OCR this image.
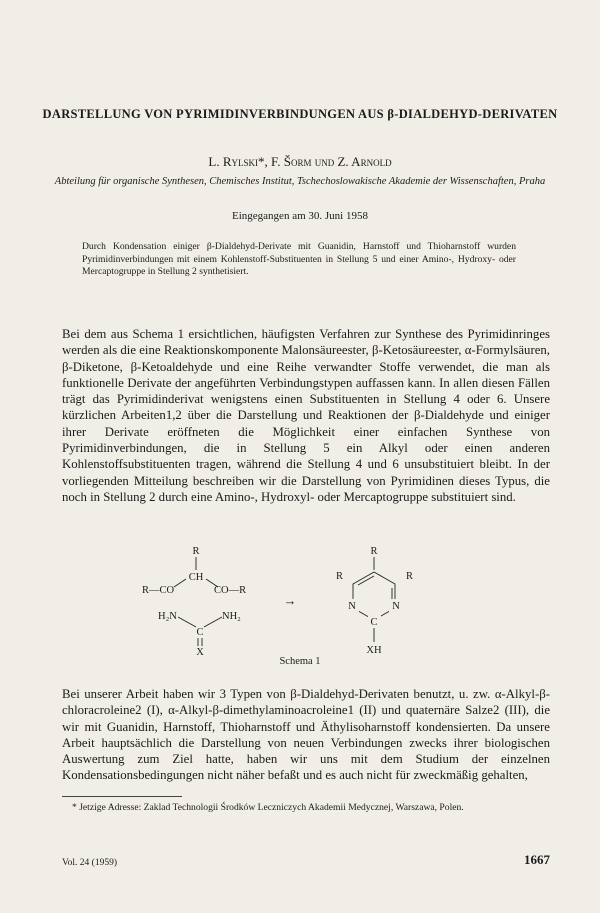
DARSTELLUNG VON PYRIMIDINVERBINDUNGEN AUS β-DIALDEHYD-DERIVATEN
L. Rylski*, F. Šorm und Z. Arnold
Abteilung für organische Synthesen, Chemisches Institut, Tschechoslowakische Akademie der Wissenschaften, Praha
Eingegangen am 30. Juni 1958

Durch Kondensation einiger β-Dialdehyd-Derivate mit Guanidin, Harnstoff und Thioharnstoff wurden Pyrimidinverbindungen mit einem Kohlenstoff-Substituenten in Stellung 5 und einer Amino-, Hydroxy- oder Mercaptogruppe in Stellung 2 synthetisiert.

Bei dem aus Schema 1 ersichtlichen, häufigsten Verfahren zur Synthese des Pyrimidinringes werden als die eine Reaktionskomponente Malonsäureester, β-Ketosäureester, α-Formylsäuren, β-Diketone, β-Ketoaldehyde und eine Reihe verwandter Stoffe verwendet, die man als funktionelle Derivate der angeführten Verbindungstypen auffassen kann. In allen diesen Fällen trägt das Pyrimidinderivat wenigstens einen Substituenten in Stellung 4 oder 6. Unsere kürzlichen Arbeiten1,2 über die Darstellung und Reaktionen der β-Dialdehyde und einiger ihrer Derivate eröffneten die Möglichkeit einer einfachen Synthese von Pyrimidinverbindungen, die in Stellung 5 ein Alkyl oder einen anderen Kohlenstoffsubstituenten tragen, während die Stellung 4 und 6 unsubstituiert bleibt. In der vorliegenden Mitteilung beschreiben wir die Darstellung von Pyrimidinen dieses Typus, die noch in Stellung 2 durch eine Amino-, Hydroxyl- oder Mercaptogruppe substituiert sind.

R
CH
R—CO	CO—R
H₂N	NH₂
C
X
→
R
R	R
N	N
C
XH
Schema 1

Bei unserer Arbeit haben wir 3 Typen von β-Dialdehyd-Derivaten benutzt, u. zw. α-Alkyl-β-chloracroleine2 (I), α-Alkyl-β-dimethylaminoacroleine1 (II) und quaternäre Salze2 (III), die wir mit Guanidin, Harnstoff, Thioharnstoff und Äthylisoharnstoff kondensierten. Da unsere Arbeit hauptsächlich die Darstellung von neuen Verbindungen zwecks ihrer biologischen Auswertung zum Ziel hatte, haben wir uns mit dem Studium der einzelnen Kondensationsbedingungen nicht näher befaßt und es auch nicht für zweckmäßig gehalten,

* Jetzige Adresse: Zaklad Technologii Środków Leczniczych Akademii Medycznej, Warszawa, Polen.

Vol. 24 (1959)	1667
